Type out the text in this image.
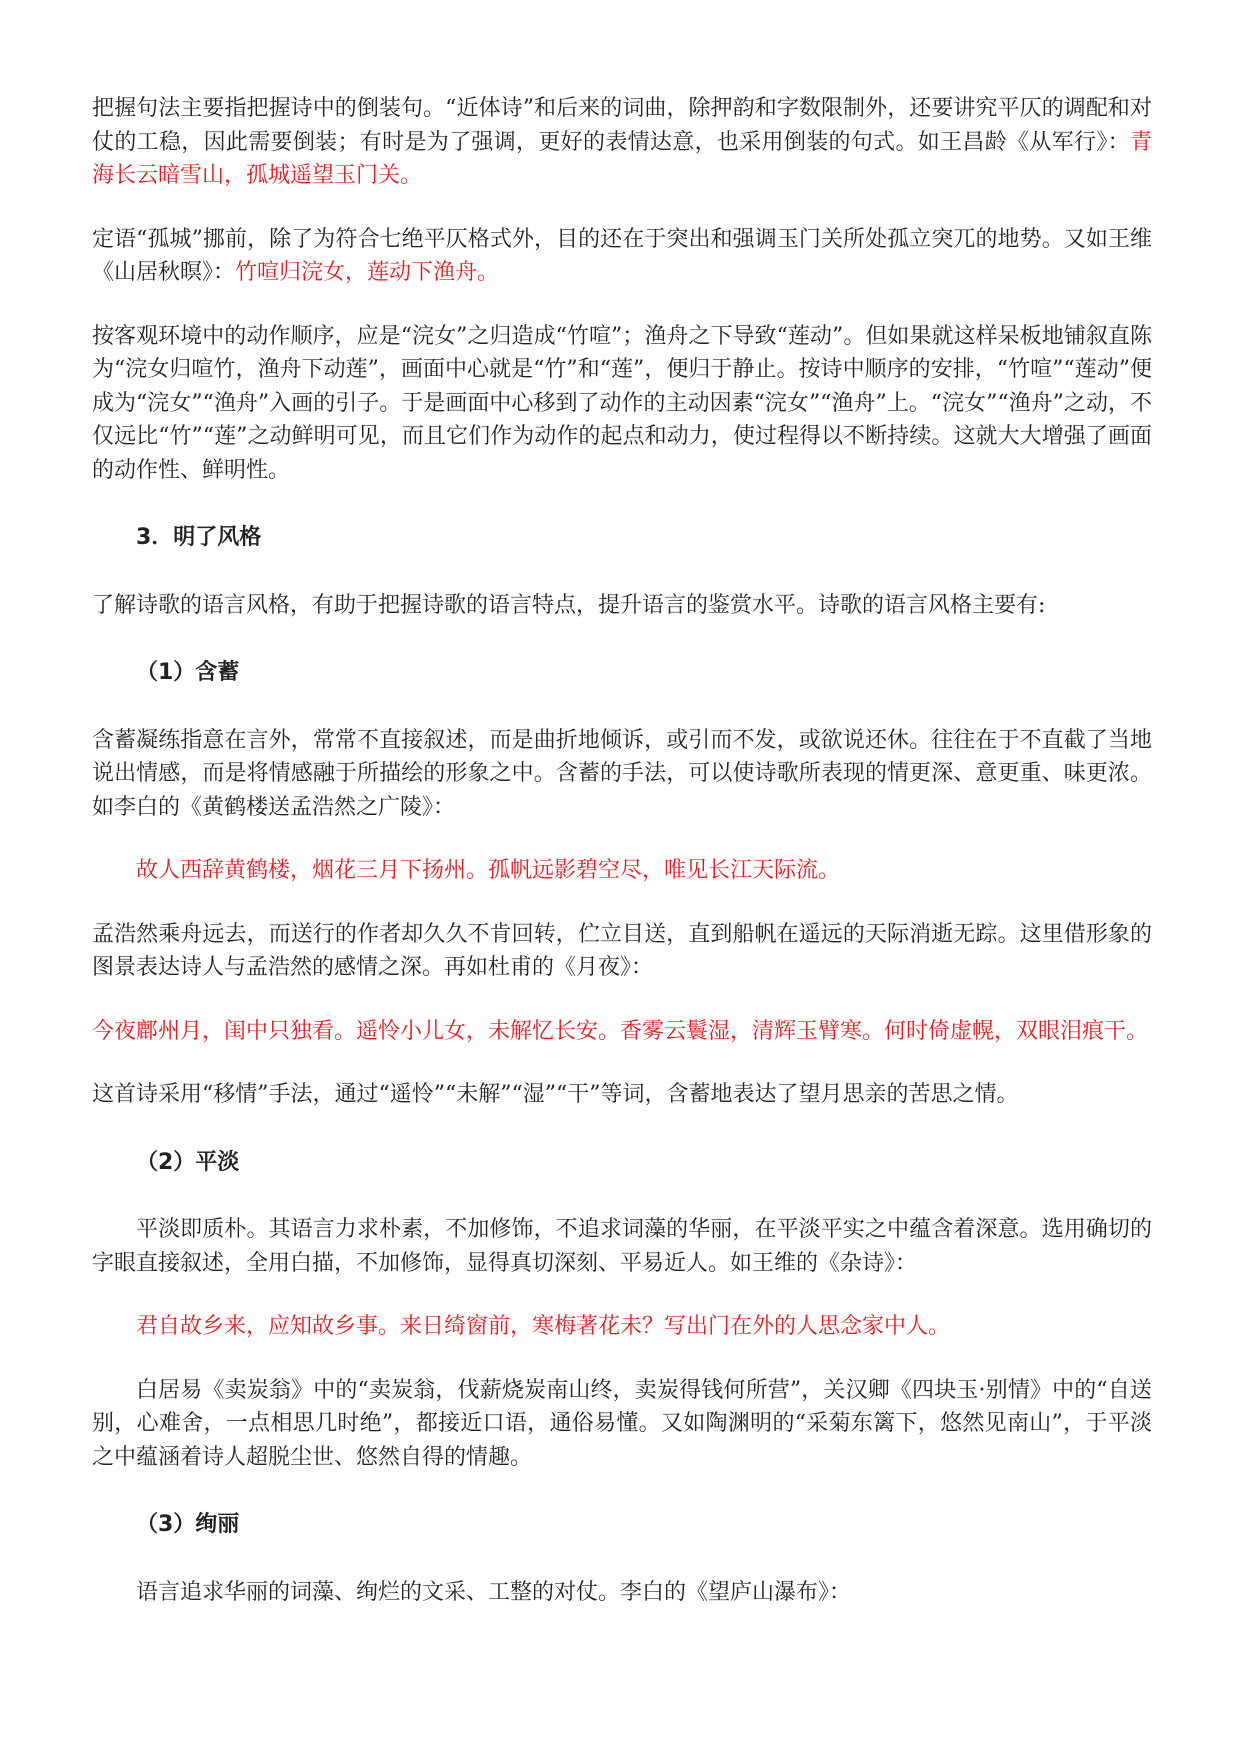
把握句法主要指把握诗中的倒装句。“近体诗”和后来的词曲，除押韵和字数限制外，还要讲究平仄的调配和对仗的工稳，因此需要倒装；有时是为了强调，更好的表情达意，也采用倒装的句式。如王昌龄《从军行》：青海长云暗雪山，孤城遥望玉门关。

定语“孤城”挪前，除了为符合七绝平仄格式外，目的还在于突出和强调玉门关所处孤立突兀的地势。又如王维《山居秋暝》：竹喧归浣女，莲动下渔舟。

按客观环境中的动作顺序，应是“浣女”之归造成“竹喧”；渔舟之下导致“莲动”。但如果就这样呆板地铺叙直陈为“浣女归喧竹，渔舟下动莲”，画面中心就是“竹”和“莲”，便归于静止。按诗中顺序的安排，“竹喧”“莲动”便成为“浣女”“渔舟”入画的引子。于是画面中心移到了动作的主动因素“浣女”“渔舟”上。“浣女”“渔舟”之动，不仅远比“竹”“莲”之动鲜明可见，而且它们作为动作的起点和动力，使过程得以不断持续。这就大大增强了画面的动作性、鲜明性。

3．明了风格

了解诗歌的语言风格，有助于把握诗歌的语言特点，提升语言的鉴赏水平。诗歌的语言风格主要有:

（1）含蓄

含蓄凝练指意在言外，常常不直接叙述，而是曲折地倾诉，或引而不发，或欲说还休。往往在于不直截了当地说出情感，而是将情感融于所描绘的形象之中。含蓄的手法，可以使诗歌所表现的情更深、意更重、味更浓。如李白的《黄鹤楼送孟浩然之广陵》：

故人西辞黄鹤楼，烟花三月下扬州。孤帆远影碧空尽，唯见长江天际流。

孟浩然乘舟远去，而送行的作者却久久不肯回转，伫立目送，直到船帆在遥远的天际消逝无踪。这里借形象的图景表达诗人与孟浩然的感情之深。再如杜甫的《月夜》：

今夜鄜州月，闺中只独看。遥怜小儿女，未解忆长安。香雾云鬟湿，清辉玉臂寒。何时倚虚幌，双眼泪痕干。

这首诗采用“移情”手法，通过“遥怜”“未解”“湿”“干”等词，含蓄地表达了望月思亲的苦思之情。

（2）平淡

平淡即质朴。其语言力求朴素，不加修饰，不追求词藻的华丽，在平淡平实之中蕴含着深意。选用确切的字眼直接叙述，全用白描，不加修饰，显得真切深刻、平易近人。如王维的《杂诗》：

君自故乡来，应知故乡事。来日绮窗前，寒梅著花未？写出门在外的人思念家中人。

白居易《卖炭翁》中的“卖炭翁，伐薪烧炭南山终，卖炭得钱何所营”，关汉卿《四块玉·别情》中的“自送别，心难舍，一点相思几时绝”，都接近口语，通俗易懂。又如陶渊明的“采菊东篱下，悠然见南山”，于平淡之中蕴涵着诗人超脱尘世、悠然自得的情趣。

（3）绚丽

语言追求华丽的词藻、绚烂的文采、工整的对仗。李白的《望庐山瀑布》：
